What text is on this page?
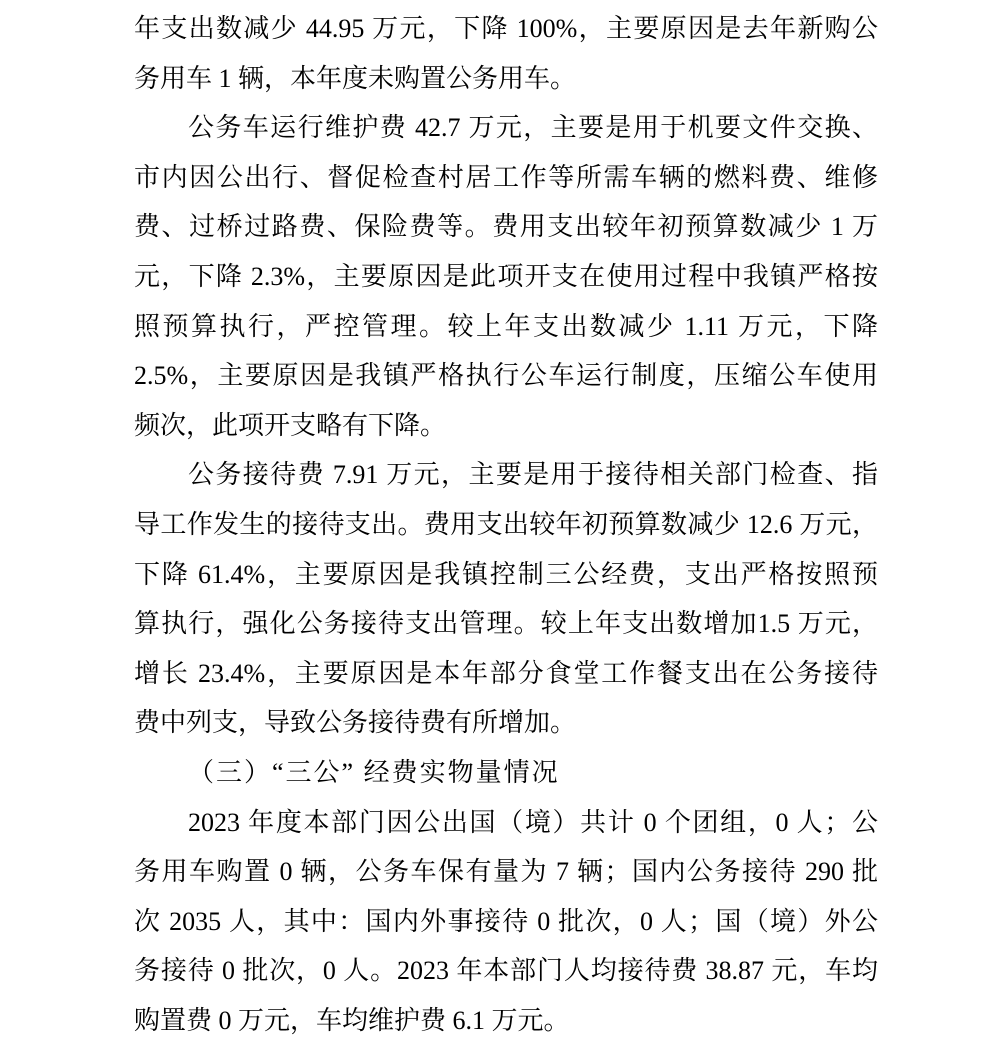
年支出数减少 44.95 万元，下降 100%，主要原因是去年新购公
务用车 1 辆，本年度未购置公务用车。
公务车运行维护费 42.7 万元，主要是用于机要文件交换、
市内因公出行、督促检查村居工作等所需车辆的燃料费、维修
费、过桥过路费、保险费等。费用支出较年初预算数减少 1 万
元，下降 2.3%，主要原因是此项开支在使用过程中我镇严格按
照预算执行，严控管理。较上年支出数减少 1.11 万元，下降
2.5%，主要原因是我镇严格执行公车运行制度，压缩公车使用
频次，此项开支略有下降。
公务接待费 7.91 万元，主要是用于接待相关部门检查、指
导工作发生的接待支出。费用支出较年初预算数减少 12.6 万元，
下降 61.4%，主要原因是我镇控制三公经费，支出严格按照预
算执行，强化公务接待支出管理。较上年支出数增加1.5 万元，
增长 23.4%，主要原因是本年部分食堂工作餐支出在公务接待
费中列支，导致公务接待费有所增加。
（三）“三公” 经费实物量情况
2023 年度本部门因公出国（境）共计 0 个团组，0 人；公
务用车购置 0 辆，公务车保有量为 7 辆；国内公务接待 290 批
次 2035 人，其中：国内外事接待 0 批次，0 人；国（境）外公
务接待 0 批次，0 人。2023 年本部门人均接待费 38.87 元，车均
购置费 0 万元，车均维护费 6.1 万元。
